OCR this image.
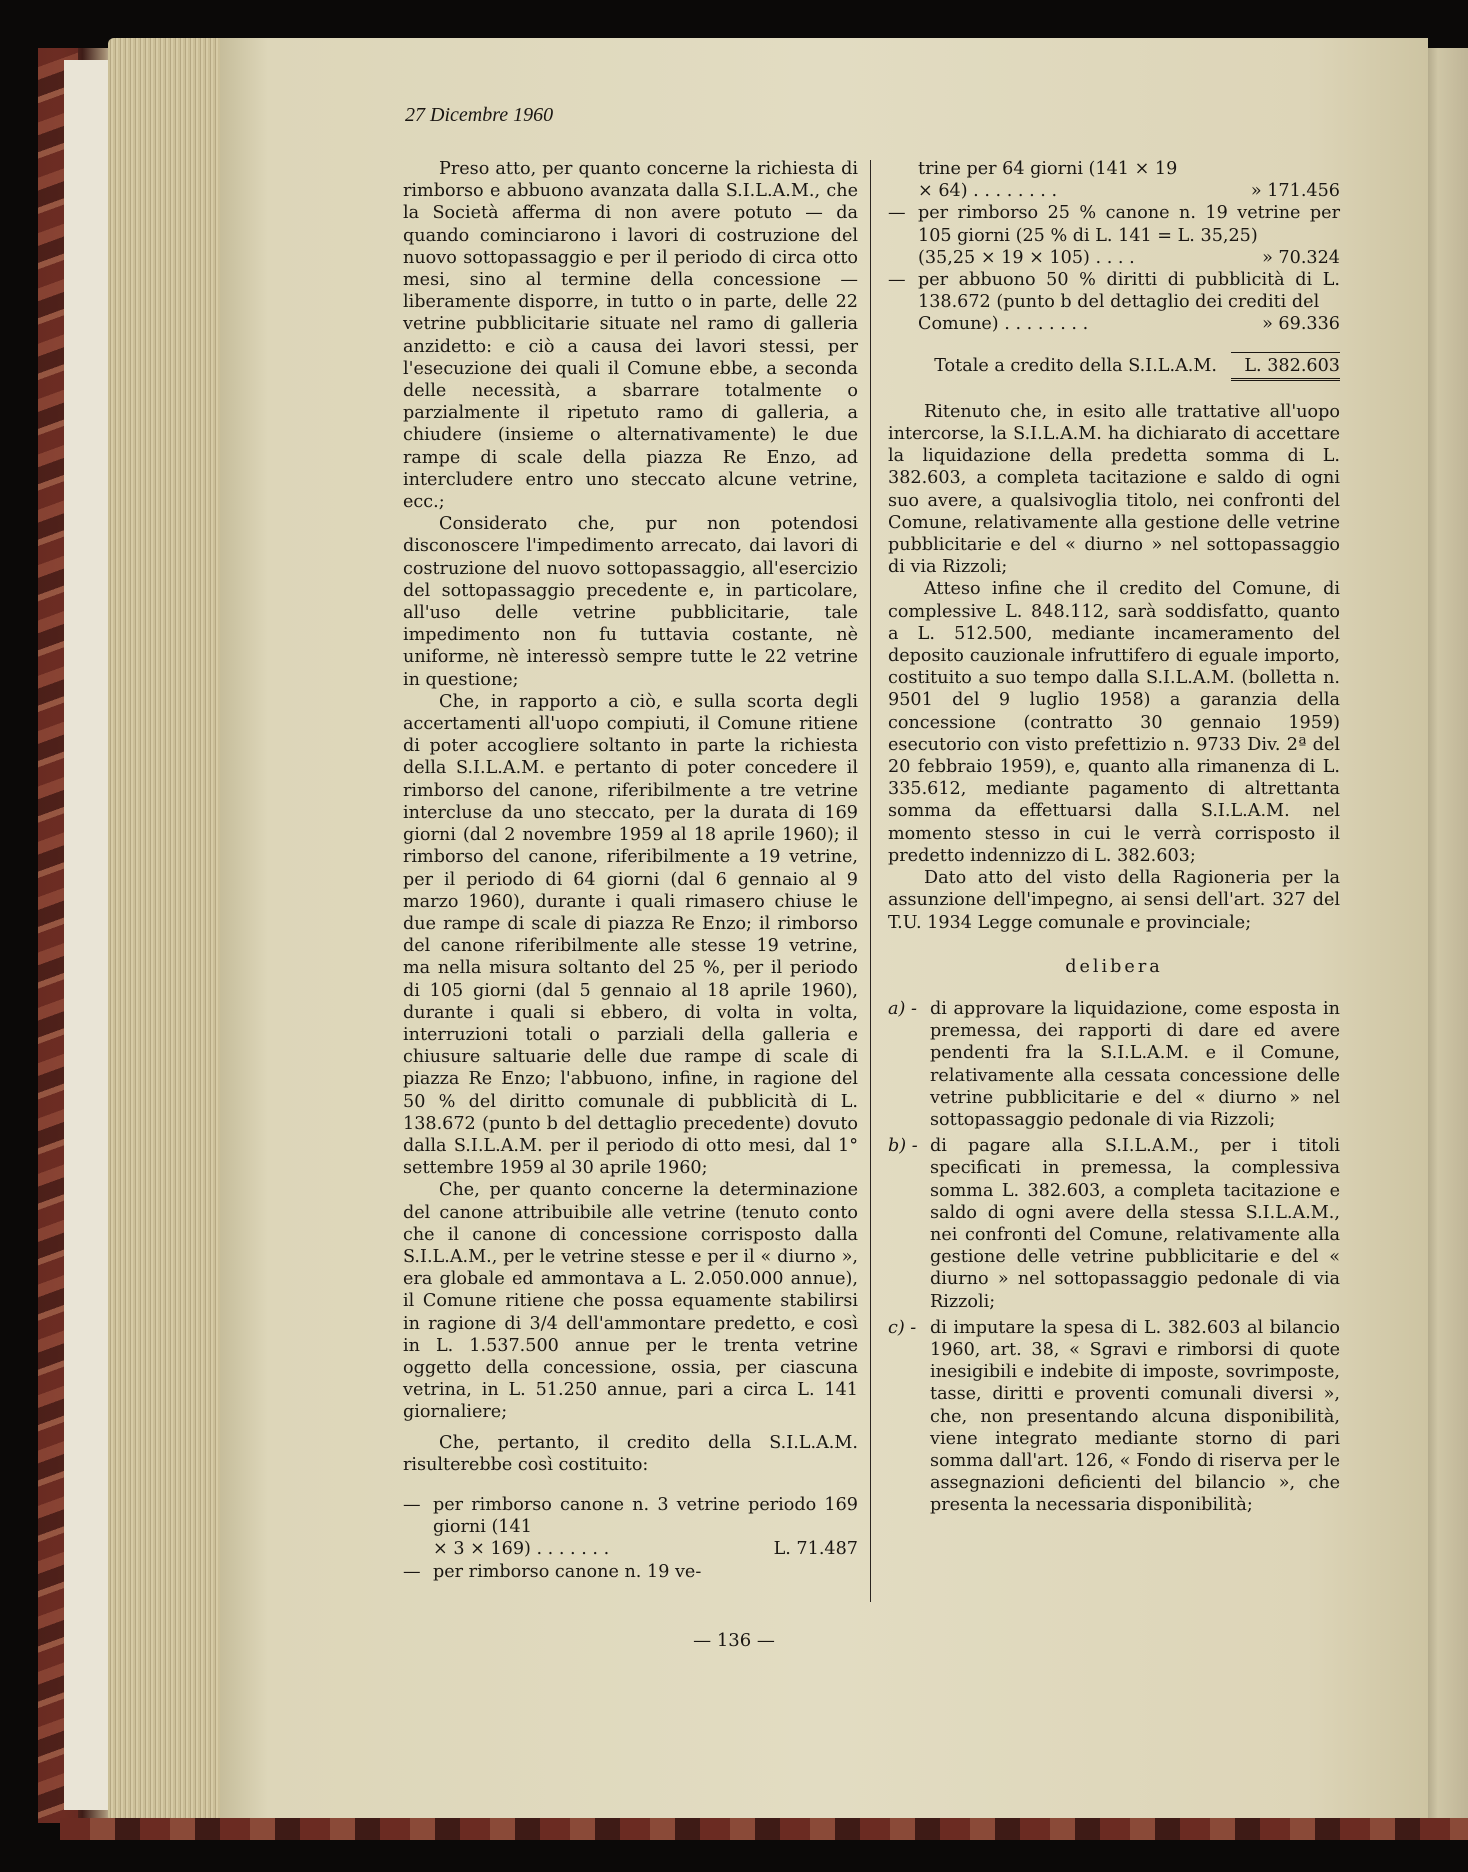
27 Dicembre 1960

Preso atto, per quanto concerne la richiesta di rimborso e abbuono avanzata dalla S.I.L.A.M., che la Società afferma di non avere potuto — da quando cominciarono i lavori di costruzione del nuovo sottopassaggio e per il periodo di circa otto mesi, sino al termine della concessione — liberamente disporre, in tutto o in parte, delle 22 vetrine pubblicitarie situate nel ramo di galleria anzidetto: e ciò a causa dei lavori stessi, per l'esecuzione dei quali il Comune ebbe, a seconda delle necessità, a sbarrare totalmente o parzialmente il ripetuto ramo di galleria, a chiudere (insieme o alternativamente) le due rampe di scale della piazza Re Enzo, ad intercludere entro uno steccato alcune vetrine, ecc.;

Considerato che, pur non potendosi disconoscere l'impedimento arrecato, dai lavori di costruzione del nuovo sottopassaggio, all'esercizio del sottopassaggio precedente e, in particolare, all'uso delle vetrine pubblicitarie, tale impedimento non fu tuttavia costante, nè uniforme, nè interessò sempre tutte le 22 vetrine in questione;

Che, in rapporto a ciò, e sulla scorta degli accertamenti all'uopo compiuti, il Comune ritiene di poter accogliere soltanto in parte la richiesta della S.I.L.A.M. e pertanto di poter concedere il rimborso del canone, riferibilmente a tre vetrine intercluse da uno steccato, per la durata di 169 giorni (dal 2 novembre 1959 al 18 aprile 1960); il rimborso del canone, riferibilmente a 19 vetrine, per il periodo di 64 giorni (dal 6 gennaio al 9 marzo 1960), durante i quali rimasero chiuse le due rampe di scale di piazza Re Enzo; il rimborso del canone riferibilmente alle stesse 19 vetrine, ma nella misura soltanto del 25 %, per il periodo di 105 giorni (dal 5 gennaio al 18 aprile 1960), durante i quali si ebbero, di volta in volta, interruzioni totali o parziali della galleria e chiusure saltuarie delle due rampe di scale di piazza Re Enzo; l'abbuono, infine, in ragione del 50 % del diritto comunale di pubblicità di L. 138.672 (punto b del dettaglio precedente) dovuto dalla S.I.L.A.M. per il periodo di otto mesi, dal 1° settembre 1959 al 30 aprile 1960;

Che, per quanto concerne la determinazione del canone attribuibile alle vetrine (tenuto conto che il canone di concessione corrisposto dalla S.I.L.A.M., per le vetrine stesse e per il « diurno », era globale ed ammontava a L. 2.050.000 annue), il Comune ritiene che possa equamente stabilirsi in ragione di 3/4 dell'ammontare predetto, e così in L. 1.537.500 annue per le trenta vetrine oggetto della concessione, ossia, per ciascuna vetrina, in L. 51.250 annue, pari a circa L. 141 giornaliere;

Che, pertanto, il credito della S.I.L.A.M. risulterebbe così costituito:

— per rimborso canone n. 3 vetrine periodo 169 giorni (141
× 3 × 169) . . . . . . .	L. 71.487
— per rimborso canone n. 19 ve-
trine per 64 giorni (141 × 19
× 64) . . . . . . . .	» 171.456
— per rimborso 25 % canone n. 19 vetrine per 105 giorni (25 % di L. 141 = L. 35,25)
(35,25 × 19 × 105) . . . .	» 70.324
— per abbuono 50 % diritti di pubblicità di L. 138.672 (punto b del dettaglio dei crediti del
Comune) . . . . . . . .	» 69.336
Totale a credito della S.I.L.A.M.	L. 382.603

Ritenuto che, in esito alle trattative all'uopo intercorse, la S.I.L.A.M. ha dichiarato di accettare la liquidazione della predetta somma di L. 382.603, a completa tacitazione e saldo di ogni suo avere, a qualsivoglia titolo, nei confronti del Comune, relativamente alla gestione delle vetrine pubblicitarie e del « diurno » nel sottopassaggio di via Rizzoli;

Atteso infine che il credito del Comune, di complessive L. 848.112, sarà soddisfatto, quanto a L. 512.500, mediante incameramento del deposito cauzionale infruttifero di eguale importo, costituito a suo tempo dalla S.I.L.A.M. (bolletta n. 9501 del 9 luglio 1958) a garanzia della concessione (contratto 30 gennaio 1959) esecutorio con visto prefettizio n. 9733 Div. 2ª del 20 febbraio 1959), e, quanto alla rimanenza di L. 335.612, mediante pagamento di altrettanta somma da effettuarsi dalla S.I.L.A.M. nel momento stesso in cui le verrà corrisposto il predetto indennizzo di L. 382.603;

Dato atto del visto della Ragioneria per la assunzione dell'impegno, ai sensi dell'art. 327 del T.U. 1934 Legge comunale e provinciale;

delibera
a) - di approvare la liquidazione, come esposta in premessa, dei rapporti di dare ed avere pendenti fra la S.I.L.A.M. e il Comune, relativamente alla cessata concessione delle vetrine pubblicitarie e del « diurno » nel sottopassaggio pedonale di via Rizzoli;
b) - di pagare alla S.I.L.A.M., per i titoli specificati in premessa, la complessiva somma L. 382.603, a completa tacitazione e saldo di ogni avere della stessa S.I.L.A.M., nei confronti del Comune, relativamente alla gestione delle vetrine pubblicitarie e del « diurno » nel sottopassaggio pedonale di via Rizzoli;
c) - di imputare la spesa di L. 382.603 al bilancio 1960, art. 38, « Sgravi e rimborsi di quote inesigibili e indebite di imposte, sovrimposte, tasse, diritti e proventi comunali diversi », che, non presentando alcuna disponibilità, viene integrato mediante storno di pari somma dall'art. 126, « Fondo di riserva per le assegnazioni deficienti del bilancio », che presenta la necessaria disponibilità;
— 136 —
